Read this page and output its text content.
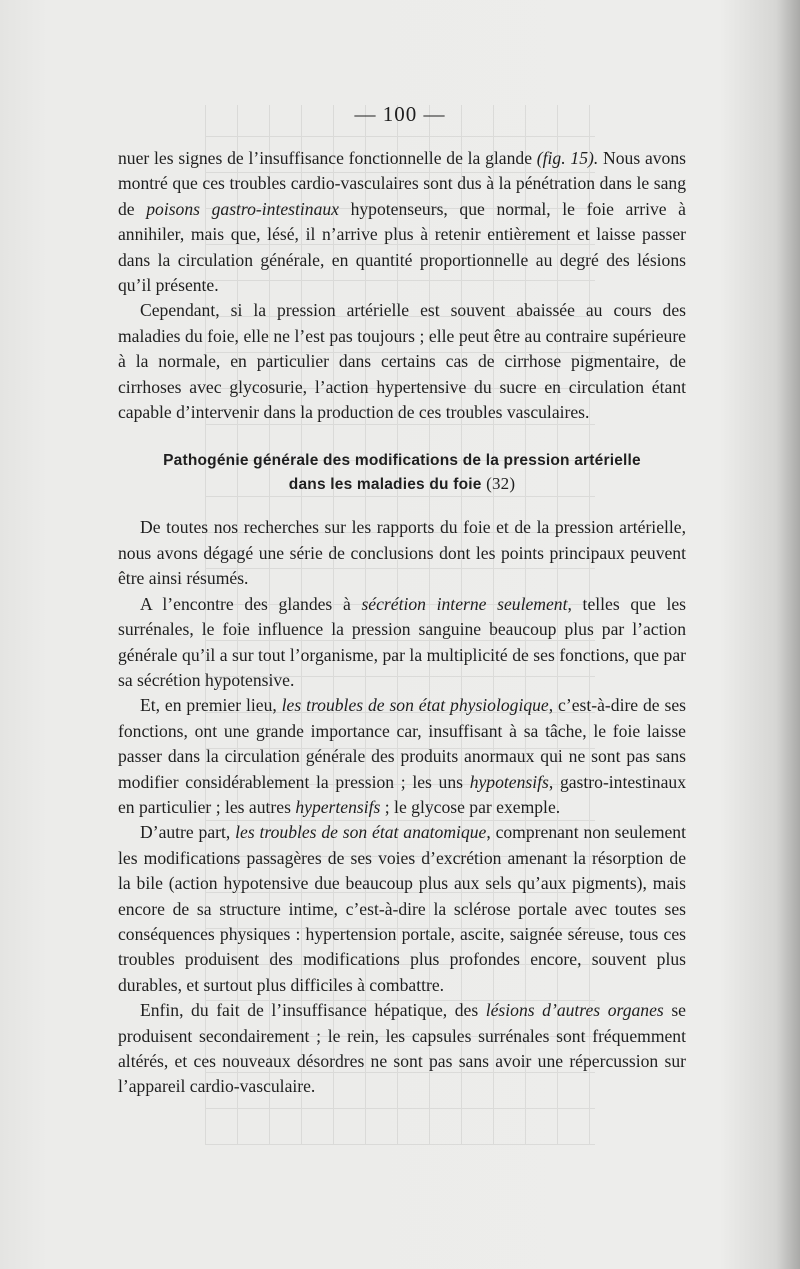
— 100 —

nuer les signes de l’insuffisance fonctionnelle de la glande (fig. 15). Nous avons montré que ces troubles cardio-vasculaires sont dus à la pénétration dans le sang de poisons gastro-intestinaux hypotenseurs, que normal, le foie arrive à annihiler, mais que, lésé, il n’arrive plus à retenir entièrement et laisse passer dans la circulation générale, en quantité proportionnelle au degré des lésions qu’il présente.

Cependant, si la pression artérielle est souvent abaissée au cours des maladies du foie, elle ne l’est pas toujours ; elle peut être au contraire supérieure à la normale, en particulier dans certains cas de cirrhose pigmentaire, de cirrhoses avec glycosurie, l’action hypertensive du sucre en circulation étant capable d’intervenir dans la production de ces troubles vasculaires.

Pathogénie générale des modifications de la pression artérielle
dans les maladies du foie (32)

De toutes nos recherches sur les rapports du foie et de la pression artérielle, nous avons dégagé une série de conclusions dont les points principaux peuvent être ainsi résumés.

A l’encontre des glandes à sécrétion interne seulement, telles que les surrénales, le foie influence la pression sanguine beaucoup plus par l’action générale qu’il a sur tout l’organisme, par la multiplicité de ses fonctions, que par sa sécrétion hypotensive.

Et, en premier lieu, les troubles de son état physiologique, c’est-à-dire de ses fonctions, ont une grande importance car, insuffisant à sa tâche, le foie laisse passer dans la circulation générale des produits anormaux qui ne sont pas sans modifier considérablement la pression ; les uns hypotensifs, gastro-intestinaux en particulier ; les autres hypertensifs ; le glycose par exemple.

D’autre part, les troubles de son état anatomique, comprenant non seulement les modifications passagères de ses voies d’excrétion amenant la résorption de la bile (action hypotensive due beaucoup plus aux sels qu’aux pigments), mais encore de sa structure intime, c’est-à-dire la sclérose portale avec toutes ses conséquences physiques : hypertension portale, ascite, saignée séreuse, tous ces troubles produisent des modifications plus profondes encore, souvent plus durables, et surtout plus difficiles à combattre.

Enfin, du fait de l’insuffisance hépatique, des lésions d’autres organes se produisent secondairement ; le rein, les capsules surrénales sont fréquemment altérés, et ces nouveaux désordres ne sont pas sans avoir une répercussion sur l’appareil cardio-vasculaire.
